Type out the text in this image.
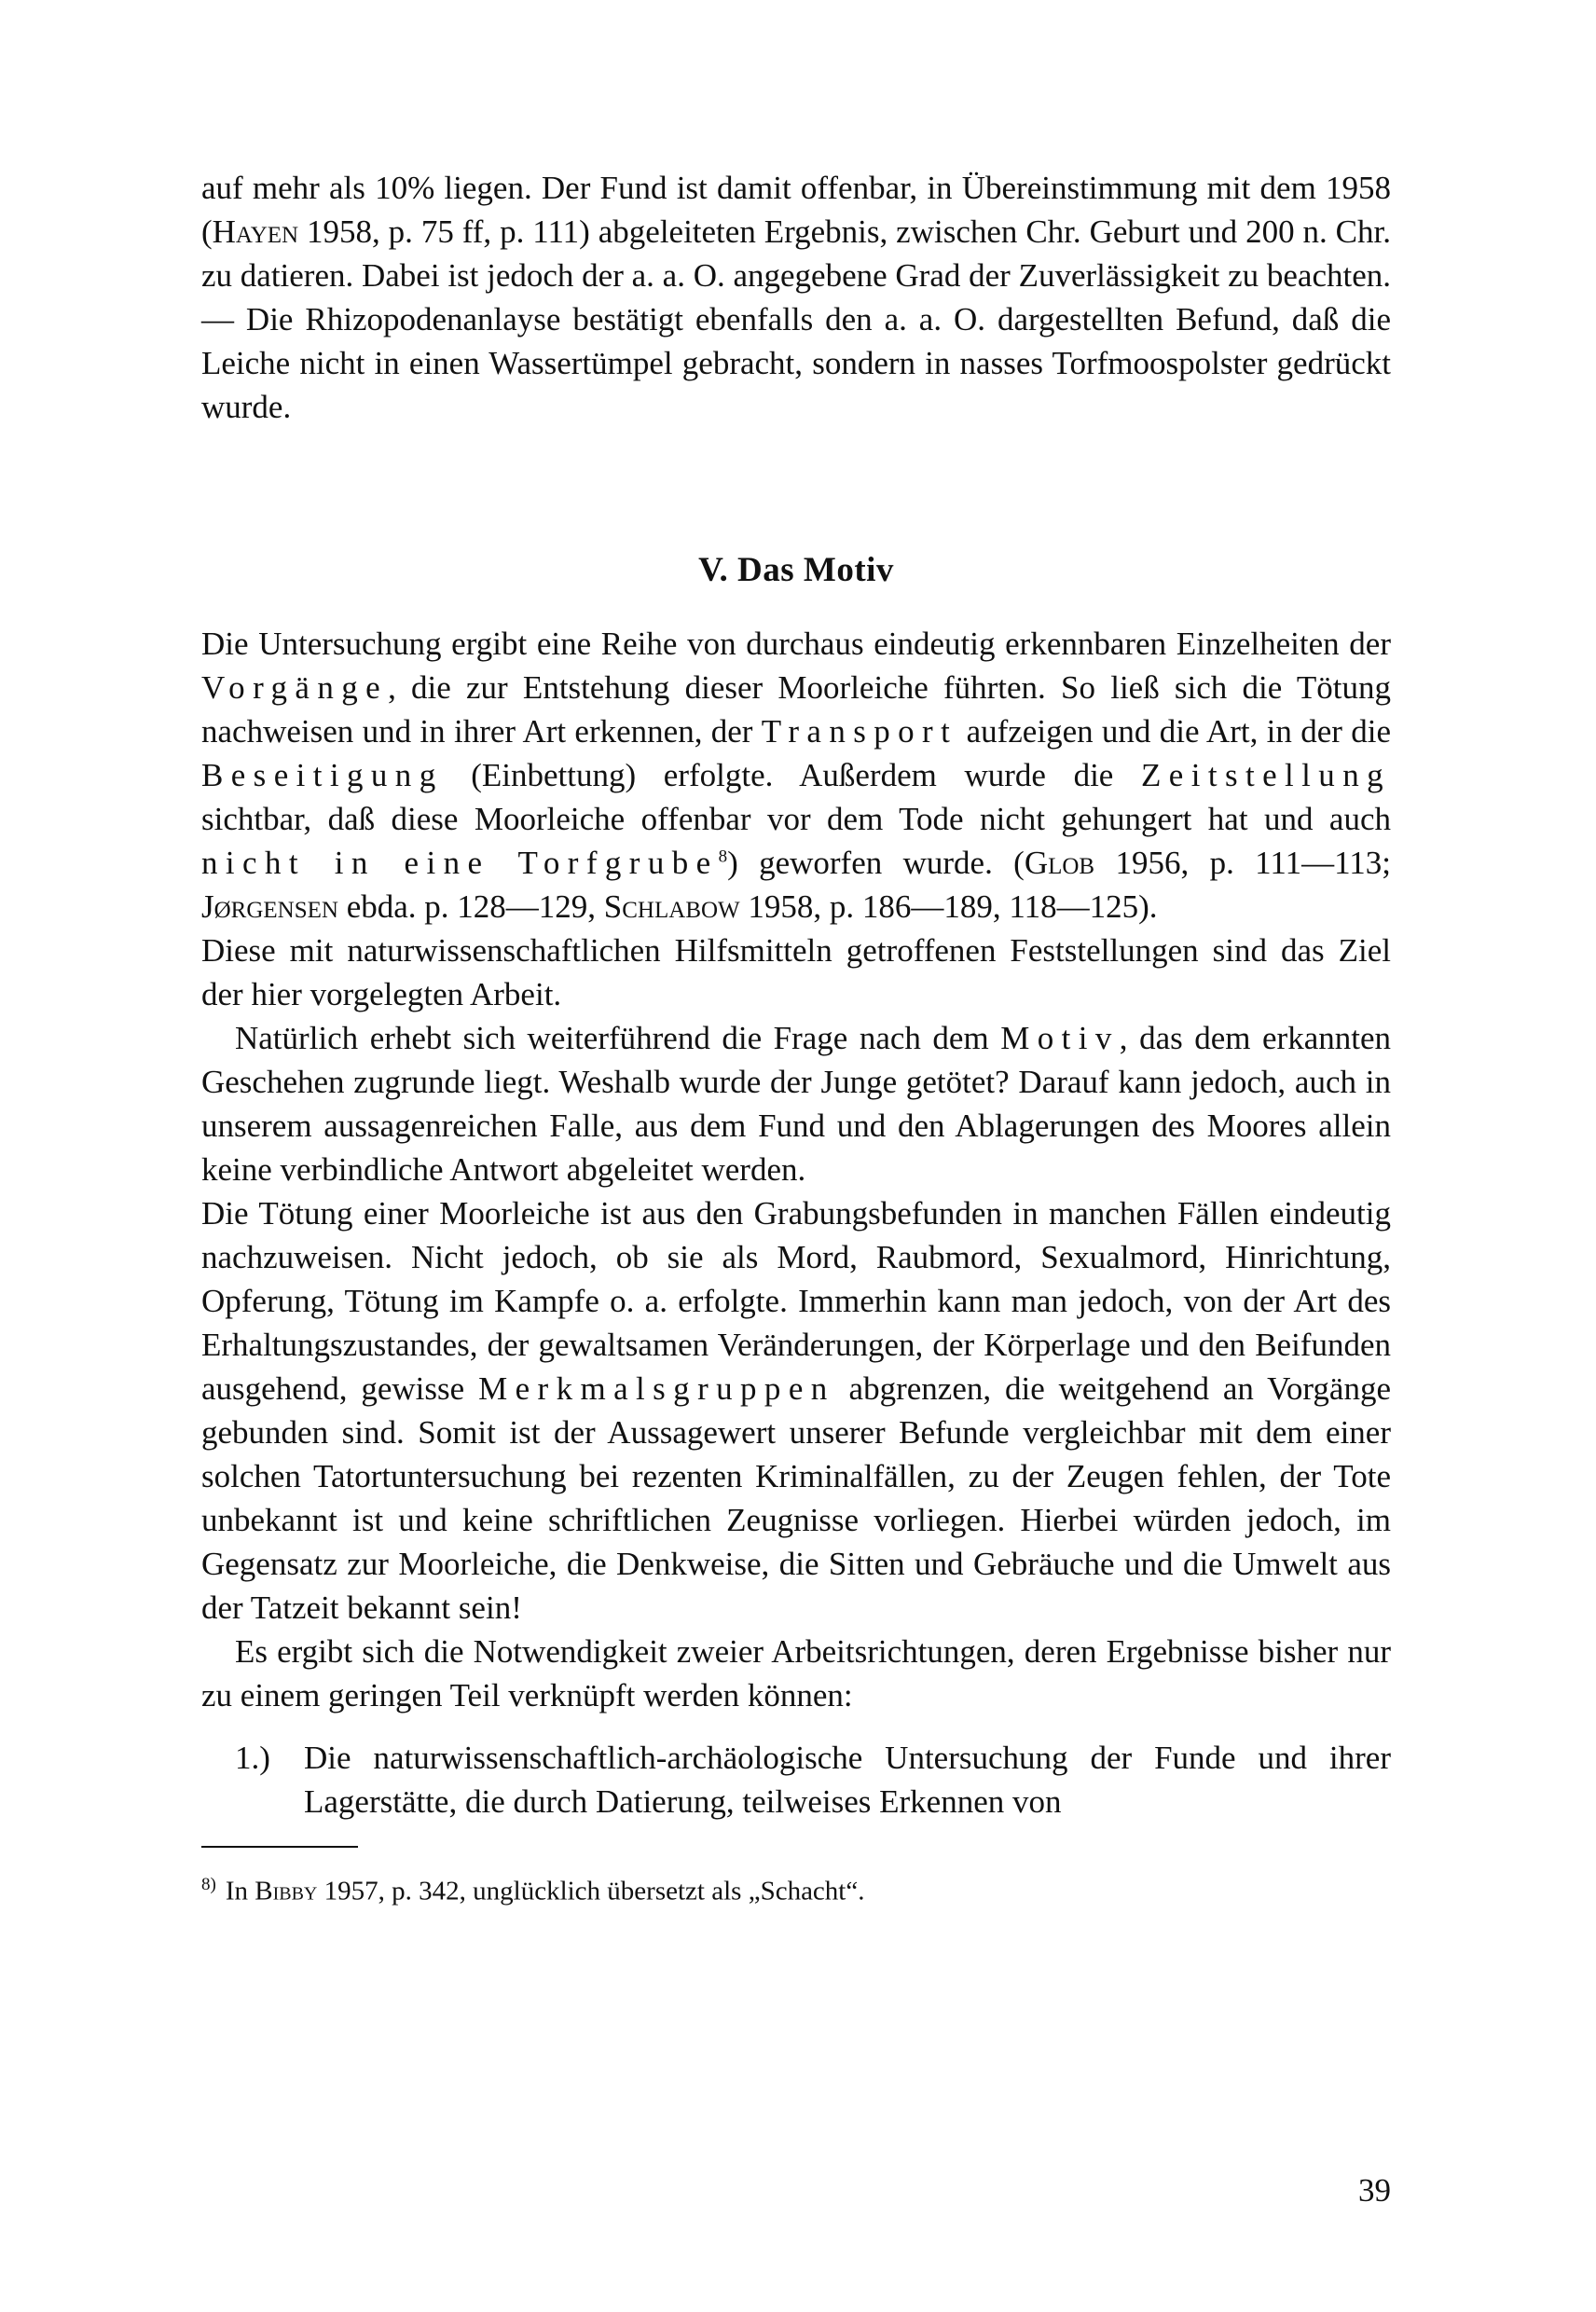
auf mehr als 10% liegen. Der Fund ist damit offenbar, in Übereinstimmung mit dem 1958 (Hayen 1958, p. 75 ff, p. 111) abgeleiteten Ergebnis, zwischen Chr. Geburt und 200 n. Chr. zu datieren. Dabei ist jedoch der a. a. O. angegebene Grad der Zuverlässigkeit zu beachten. — Die Rhizopodenanlayse bestätigt ebenfalls den a. a. O. dargestellten Befund, daß die Leiche nicht in einen Wassertümpel gebracht, sondern in nasses Torfmoospolster gedrückt wurde.

V. Das Motiv

Die Untersuchung ergibt eine Reihe von durchaus eindeutig erkennbaren Einzelheiten der Vorgänge, die zur Entstehung dieser Moorleiche führten. So ließ sich die Tötung nachweisen und in ihrer Art erkennen, der Transport aufzeigen und die Art, in der die Beseitigung (Einbettung) erfolgte. Außerdem wurde die Zeitstellung sichtbar, daß diese Moorleiche offenbar vor dem Tode nicht gehungert hat und auch nicht in eine Torfgrube$^8$) geworfen wurde. (Glob 1956, p. 111—113; Jørgensen ebda. p. 128—129, Schlabow 1958, p. 186—189, 118—125).

Diese mit naturwissenschaftlichen Hilfsmitteln getroffenen Feststellungen sind das Ziel der hier vorgelegten Arbeit.

Natürlich erhebt sich weiterführend die Frage nach dem Motiv, das dem erkannten Geschehen zugrunde liegt. Weshalb wurde der Junge getötet? Darauf kann jedoch, auch in unserem aussagenreichen Falle, aus dem Fund und den Ablagerungen des Moores allein keine verbindliche Antwort abgeleitet werden.

Die Tötung einer Moorleiche ist aus den Grabungsbefunden in manchen Fällen eindeutig nachzuweisen. Nicht jedoch, ob sie als Mord, Raubmord, Sexualmord, Hinrichtung, Opferung, Tötung im Kampfe o. a. erfolgte. Immerhin kann man jedoch, von der Art des Erhaltungszustandes, der gewaltsamen Veränderungen, der Körperlage und den Beifunden ausgehend, gewisse Merkmalsgruppen abgrenzen, die weitgehend an Vorgänge gebunden sind. Somit ist der Aussagewert unserer Befunde vergleichbar mit dem einer solchen Tatortuntersuchung bei rezenten Kriminalfällen, zu der Zeugen fehlen, der Tote unbekannt ist und keine schriftlichen Zeugnisse vorliegen. Hierbei würden jedoch, im Gegensatz zur Moorleiche, die Denkweise, die Sitten und Gebräuche und die Umwelt aus der Tatzeit bekannt sein!

Es ergibt sich die Notwendigkeit zweier Arbeitsrichtungen, deren Ergebnisse bisher nur zu einem geringen Teil verknüpft werden können:

1.) Die naturwissenschaftlich-archäologische Untersuchung der Funde und ihrer Lagerstätte, die durch Datierung, teilweises Erkennen von

$^{8)}$ In Bibby 1957, p. 342, unglücklich übersetzt als „Schacht“.

39
